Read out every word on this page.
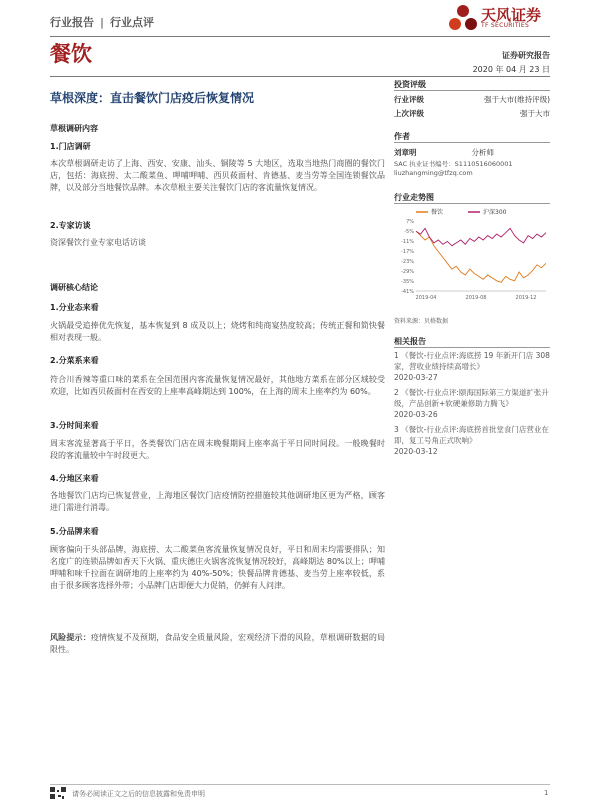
行业报告 | 行业点评	天风证券
TF SECURITIES
餐饮	证券研究报告
2020 年 04 月 23 日
草根深度：直击餐饮门店疫后恢复情况
草根调研内容
1.门店调研
本次草根调研走访了上海、西安、安康、汕头、铜陵等 5 大地区，选取当地热门商圈的餐饮门店，包括：海底捞、太二酸菜鱼、呷哺呷哺、西贝莜面村、肯德基、麦当劳等全国连锁餐饮品牌，以及部分当地餐饮品牌。本次草根主要关注餐饮门店的客流量恢复情况。
2.专家访谈
资深餐饮行业专家电话访谈
调研核心结论
1.分业态来看
火锅最受追捧优先恢复，基本恢复到 8 成及以上；烧烤和纯商宴热度较高；传统正餐和简快餐相对表现一般。
2.分菜系来看
符合川香辣等重口味的菜系在全国范围内客流量恢复情况最好，其他地方菜系在部分区域较受欢迎，比如西贝莜面村在西安的上座率高峰期达到 100%，在上海的周末上座率约为 60%。
3.分时间来看
周末客流显著高于平日，各类餐饮门店在周末晚餐期间上座率高于平日同时间段。一般晚餐时段的客流量较中午时段更大。
4.分地区来看
各地餐饮门店均已恢复营业，上海地区餐饮门店疫情防控措施较其他调研地区更为严格，顾客进门需进行消毒。
5.分品牌来看
顾客偏向于头部品牌，海底捞、太二酸菜鱼客流量恢复情况良好，平日和周末均需要排队；知名度广的连锁品牌如香天下火锅、重庆德庄火锅客流恢复情况较好，高峰期达 80%以上；呷哺呷哺和味千拉面在调研地的上座率约为 40%-50%；快餐品牌肯德基、麦当劳上座率较低，系由于很多顾客选择外带；小品牌门店即便大力促销，仍鲜有人问津。
风险提示：疫情恢复不及预期，食品安全质量风险，宏观经济下滑的风险，草根调研数据的局限性。
投资评级
行业评级	强于大市(维持评级)
上次评级	强于大市
作者
刘章明	分析师
SAC 执业证书编号：S1110516060001
liuzhangming@tfzq.com
行业走势图
餐饮	沪深300
7%
-5%
-11%
-17%
-23%
-29%
-35%
-41%
2019-04	2019-08	2019-12
资料来源：贝格数据
相关报告
1 《餐饮-行业点评:海底捞 19 年新开门店 308 家，营收业绩持续高增长》
2020-03-27
2 《餐饮-行业点评:颐海国际第三方渠道扩张升级，产品创新+软硬兼修助力腾飞》
2020-03-26
3 《餐饮-行业点评:海底捞首批堂食门店营业在即，复工号角正式吹响》
2020-03-12
请务必阅读正文之后的信息披露和免责申明	1
